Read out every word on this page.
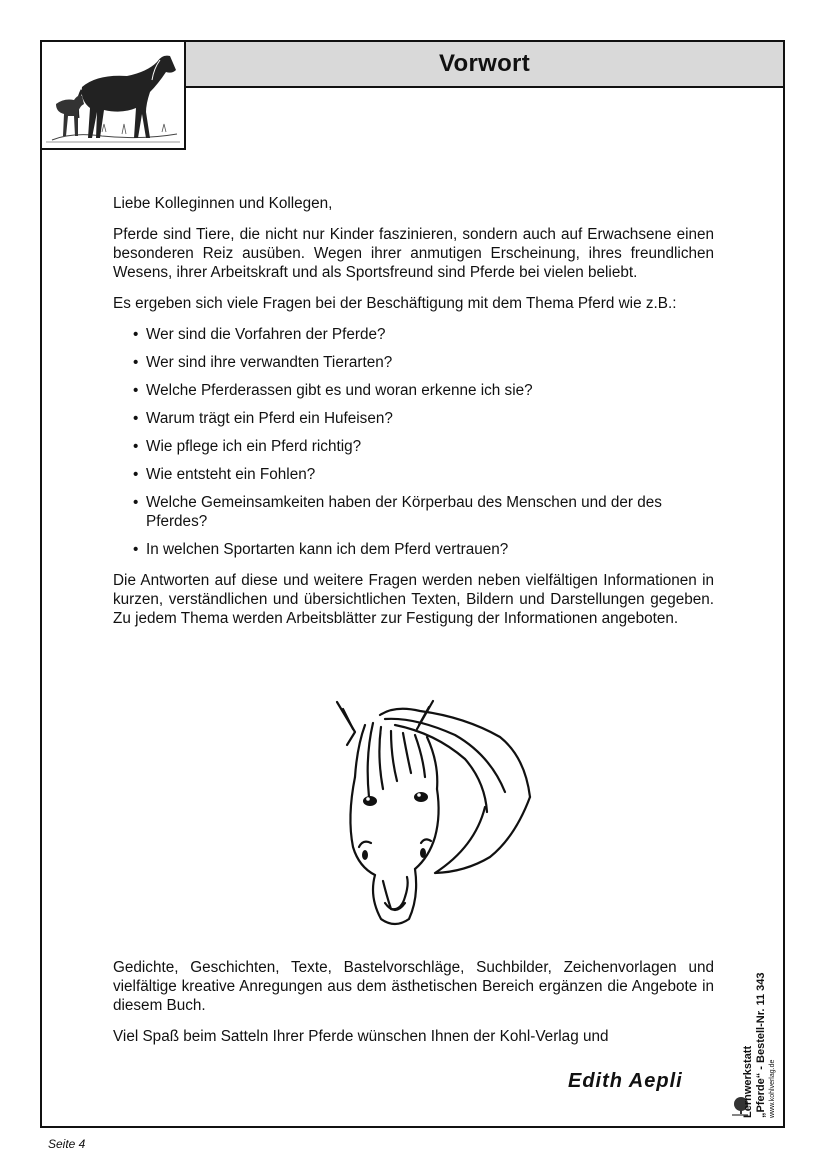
Vorwort

Liebe Kolleginnen und Kollegen,

Pferde sind Tiere, die nicht nur Kinder faszinieren, sondern auch auf Erwachsene einen besonderen Reiz ausüben. Wegen ihrer anmutigen Erscheinung, ihres freundlichen Wesens, ihrer Arbeitskraft und als Sportsfreund sind Pferde bei vielen beliebt.

Es ergeben sich viele Fragen bei der Beschäftigung mit dem Thema Pferd wie z.B.:

• Wer sind die Vorfahren der Pferde?
• Wer sind ihre verwandten Tierarten?
• Welche Pferderassen gibt es und woran erkenne ich sie?
• Warum trägt ein Pferd ein Hufeisen?
• Wie pflege ich ein Pferd richtig?
• Wie entsteht ein Fohlen?
• Welche Gemeinsamkeiten haben der Körperbau des Menschen und der des Pferdes?
• In welchen Sportarten kann ich dem Pferd vertrauen?

Die Antworten auf diese und weitere Fragen werden neben vielfältigen Informationen in kurzen, verständlichen und übersichtlichen Texten, Bildern und Darstellungen gegeben. Zu jedem Thema werden Arbeitsblätter zur Festigung der Informationen angeboten.

Gedichte, Geschichten, Texte, Bastelvorschläge, Suchbilder, Zeichenvorlagen und vielfältige kreative Anregungen aus dem ästhetischen Bereich ergänzen die Angebote in diesem Buch.

Viel Spaß beim Satteln Ihrer Pferde wünschen Ihnen der Kohl-Verlag und

Edith Aepli	Lernwerkstatt „Pferde“ - Bestell-Nr. 11 343 www.kohlverlag.de
Seite 4
